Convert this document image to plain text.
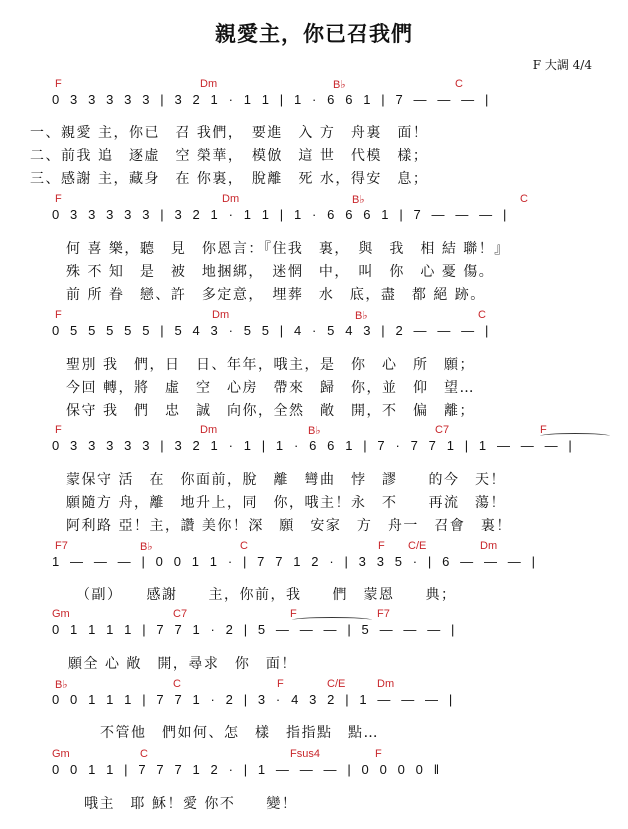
親愛主，你已召我們
F 大調 4/4
F	Dm	B♭	C
0 3 3 3 3 3 | 3 2 1 · 1 1 | 1 · 6 6 1 | 7 ― ― ― |
一、親愛 主，你已　召 我們，　要進　入 方　舟裏　面！
二、前我 追　逐虛　空 榮華，　模倣　這 世　代模　樣；
三、感謝 主，藏身　在 你裏，　脫離　死 水，得安　息；
F	Dm	B♭	C
0 3 3 3 3 3 | 3 2 1 · 1 1 | 1 · 6 6 6 1 | 7 ― ― ― |
何 喜 樂，聽　見　你恩言：『住我　裏，　與　我　相 結 聯！』
殊 不 知　是　被　地捆綁，　迷惘　中，　叫　你　心 憂 傷。
前 所 眷　戀、許　多定意，　埋葬　水　底，盡　都 絕 跡。
F	Dm	B♭	C
0 5 5 5 5 5 | 5 4 3 · 5 5 | 4 · 5 4 3 | 2 ― ― ― |
聖別 我　們，日　日、年年，哦主，是　你　心　所　願；
今回 轉，將　虛　空　心房　帶來　歸　你，並　仰　望…
保守 我　們　忠　誠　向你，全然　敞　開，不　偏　離；
F	Dm	B♭	C7	F
0 3 3 3 3 3 | 3 2 1 · 1 | 1 · 6 6 1 | 7 · 7 7 1 | 1 ― ― ― |
蒙保守 活　在　你面前，脫　離　彎曲　悖　謬　　的今　天！
願隨方 舟，離　地升上，同　你，哦主！永　不　　再流　蕩！
阿利路 亞！主，讚 美你！深　願　安家　方　舟一　召會　裏！
F7	B♭	C	F C/E	Dm
1 ― ― ― | 0 0 1 1 · | 7 7 1 2 · | 3 3 5 · | 6 ― ― ― |
（副）　　感謝　　主，你前，我　　們　蒙恩　　典；
Gm	C7	F	F7
0 1 1 1 1 | 7 7 1 · 2 | 5 ― ― ― | 5 ― ― ― |
願全 心 敞　開，尋求　你　面！
B♭	C	F	C/E	Dm
0 0 1 1 1 | 7 7 1 · 2 | 3 · 4 3 2 | 1 ― ― ― |
不管他　們如何、怎　樣　指指點　點…
Gm	C	Fsus4	F
0 0 1 1 | 7 7 7 1 2 · | 1 ― ― ― | 0 0 0 0 ‖
哦主　耶 穌！愛 你不　　變！
